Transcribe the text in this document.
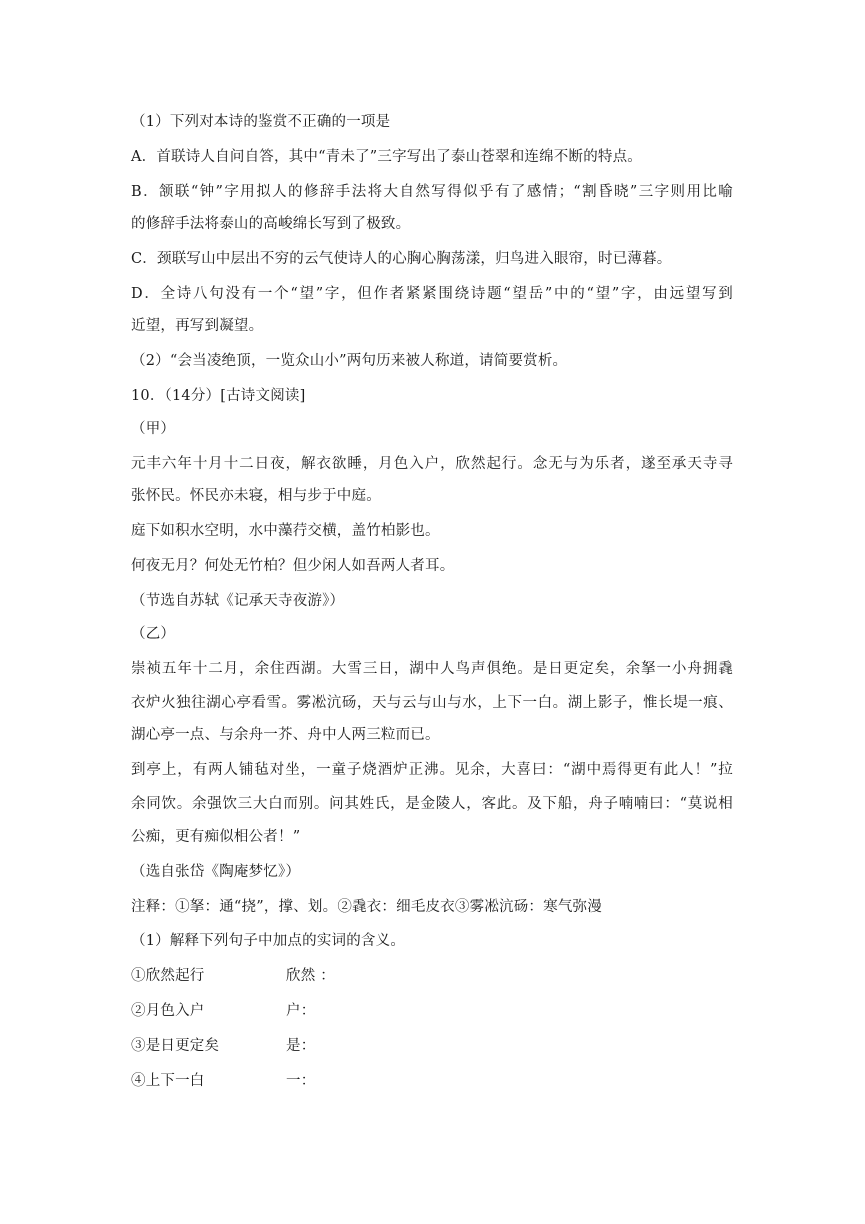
（1）下列对本诗的鉴赏不正确的一项是
A．首联诗人自问自答，其中“青未了”三字写出了泰山苍翠和连绵不断的特点。
B．颔联“钟”字用拟人的修辞手法将大自然写得似乎有了感情；“割昏晓”三字则用比喻
的修辞手法将泰山的高峻绵长写到了极致。
C．颈联写山中层出不穷的云气使诗人的心胸心胸荡漾，归鸟进入眼帘，时已薄暮。
D．全诗八句没有一个“望”字，但作者紧紧围绕诗题“望岳”中的“望”字，由远望写到
近望，再写到凝望。
（2）“会当凌绝顶，一览众山小”两句历来被人称道，请简要赏析。
10．（14分）[古诗文阅读]
（甲）
元丰六年十月十二日夜，解衣欲睡，月色入户，欣然起行。念无与为乐者，遂至承天寺寻
张怀民。怀民亦未寝，相与步于中庭。
庭下如积水空明，水中藻荇交横，盖竹柏影也。
何夜无月？何处无竹柏？但少闲人如吾两人者耳。
（节选自苏轼《记承天寺夜游》）
（乙）
崇祯五年十二月，余住西湖。大雪三日，湖中人鸟声俱绝。是日更定矣，余拏一小舟拥毳
衣炉火独往湖心亭看雪。雾凇沆砀，天与云与山与水，上下一白。湖上影子，惟长堤一痕、
湖心亭一点、与余舟一芥、舟中人两三粒而已。
到亭上，有两人铺毡对坐，一童子烧酒炉正沸。见余，大喜曰：“湖中焉得更有此人！”拉
余同饮。余强饮三大白而别。问其姓氏，是金陵人，客此。及下船，舟子喃喃曰：“莫说相
公痴，更有痴似相公者！”
（选自张岱《陶庵梦忆》）
注释：①拏：通“挠”，撑、划。②毳衣：细毛皮衣③雾凇沆砀：寒气弥漫
（1）解释下列句子中加点的实词的含义。
①欣然起行	欣然 ：
②月色入户	户：
③是日更定矣	是：
④上下一白	一：
